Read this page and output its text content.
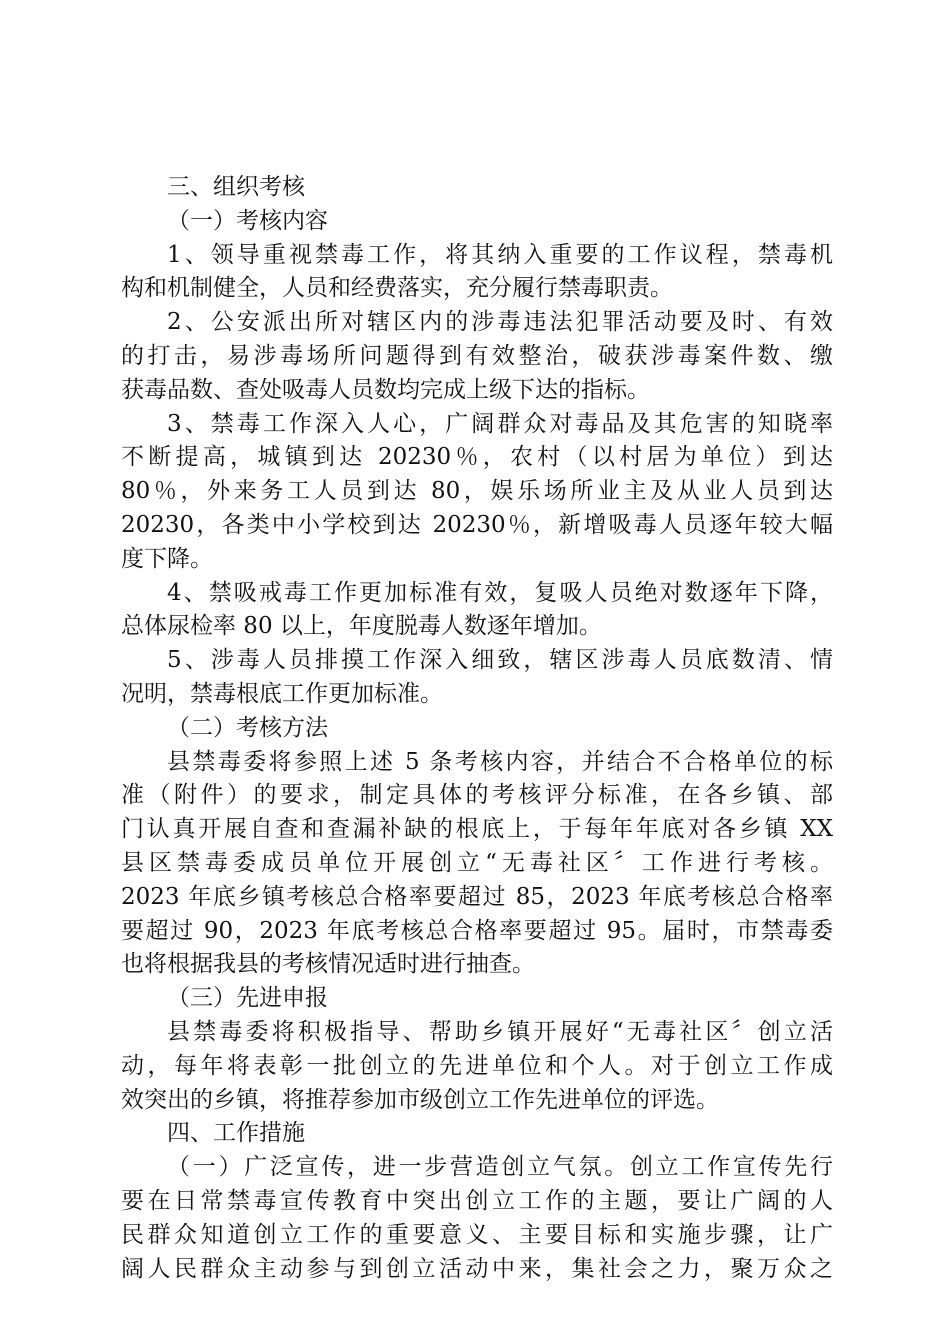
三、组织考核
（一）考核内容
1、领导重视禁毒工作，将其纳入重要的工作议程，禁毒机
构和机制健全，人员和经费落实，充分履行禁毒职责。
2、公安派出所对辖区内的涉毒违法犯罪活动要及时、有效
的打击，易涉毒场所问题得到有效整治，破获涉毒案件数、缴
获毒品数、查处吸毒人员数均完成上级下达的指标。
3、禁毒工作深入人心，广阔群众对毒品及其危害的知晓率
不断提高，城镇到达 20230％，农村（以村居为单位）到达
80％，外来务工人员到达 80，娱乐场所业主及从业人员到达
20230，各类中小学校到达 20230％，新增吸毒人员逐年较大幅
度下降。
4、禁吸戒毒工作更加标准有效，复吸人员绝对数逐年下降，
总体尿检率 80 以上，年度脱毒人数逐年增加。
5、涉毒人员排摸工作深入细致，辖区涉毒人员底数清、情
况明，禁毒根底工作更加标准。
（二）考核方法
县禁毒委将参照上述 5 条考核内容，并结合不合格单位的标
准（附件）的要求，制定具体的考核评分标准，在各乡镇、部
门认真开展自查和查漏补缺的根底上，于每年年底对各乡镇 XX
县区禁毒委成员单位开展创立“无毒社区〞工作进行考核。
2023 年底乡镇考核总合格率要超过 85，2023 年底考核总合格率
要超过 90，2023 年底考核总合格率要超过 95。届时，市禁毒委
也将根据我县的考核情况适时进行抽查。
（三）先进申报
县禁毒委将积极指导、帮助乡镇开展好“无毒社区〞创立活
动，每年将表彰一批创立的先进单位和个人。对于创立工作成
效突出的乡镇，将推荐参加市级创立工作先进单位的评选。
四、工作措施
（一）广泛宣传，进一步营造创立气氛。创立工作宣传先行
要在日常禁毒宣传教育中突出创立工作的主题，要让广阔的人
民群众知道创立工作的重要意义、主要目标和实施步骤，让广
阔人民群众主动参与到创立活动中来，集社会之力，聚万众之
